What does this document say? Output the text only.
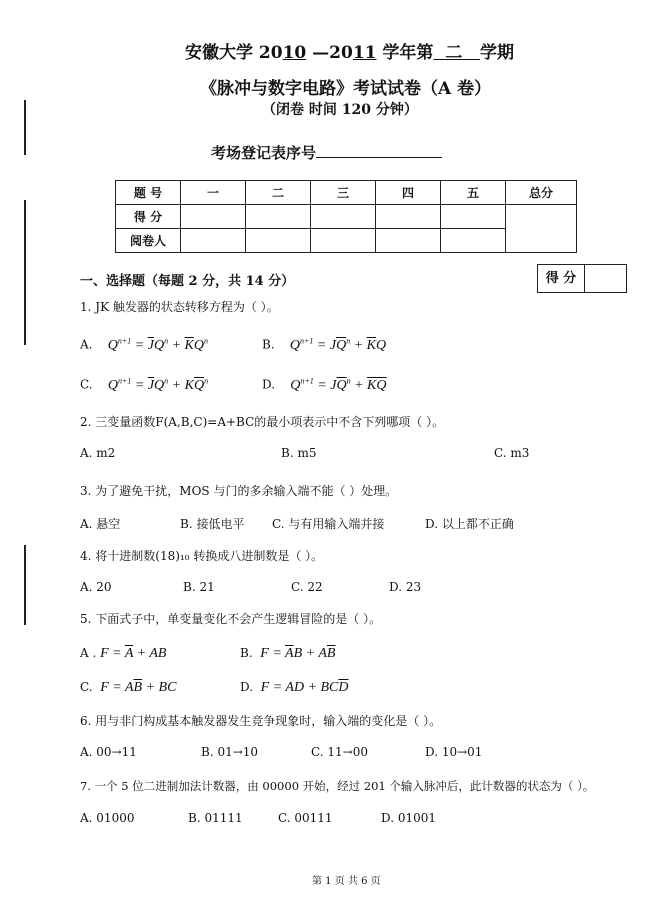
安徽大学 2010 —2011 学年第 二 学期
《脉冲与数字电路》考试试卷（A 卷）
（闭卷 时间 120 分钟）
考场登记表序号
题 号	一	二	三	四	五	总分
得 分						
阅卷人						
一、选择题（每题 2 分，共 14 分）	得 分
1. JK 触发器的状态转移方程为（ ）。
A.    $Q^{n+1} = \overline{J}Q^n + \overline{K}Q^n$	B.    $Q^{n+1} = J\overline{Q}^n + \overline{K}Q$
C.    $Q^{n+1} = \overline{J}Q^n + K\overline{Q}^n$	D.    $Q^{n+1} = J\overline{Q}^n + \overline{K}\overline{Q}$
2. 三变量函数F(A,B,C)=A+BC的最小项表示中不含下列哪项（ ）。
A. m2	B. m5	C. m3
3. 为了避免干扰，MOS 与门的多余输入端不能（ ）处理。
A. 悬空	B. 接低电平 C. 与有用输入端并接	D. 以上都不正确
4. 将十进制数(18)₁₀ 转换成八进制数是（ ）。
A. 20	B. 21	C. 22	D. 23
5. 下面式子中，单变量变化不会产生逻辑冒险的是（ ）。
A . $F = \overline{A}$ + AB	B.  $F = \overline{A}B + A\overline{B}$
C.  $F = A\overline{B}$ + BC	D.  F = AD + $BC\overline{D}$
6. 用与非门构成基本触发器发生竞争现象时，输入端的变化是（ ）。
A. 00→11	B. 01→10	C. 11→00	D. 10→01
7. 一个 5 位二进制加法计数器，由 00000 开始，经过 201 个输入脉冲后，此计数器的状态为（ ）。
A. 01000	B. 01111	C. 00111	D. 01001
第 1 页 共 6 页
